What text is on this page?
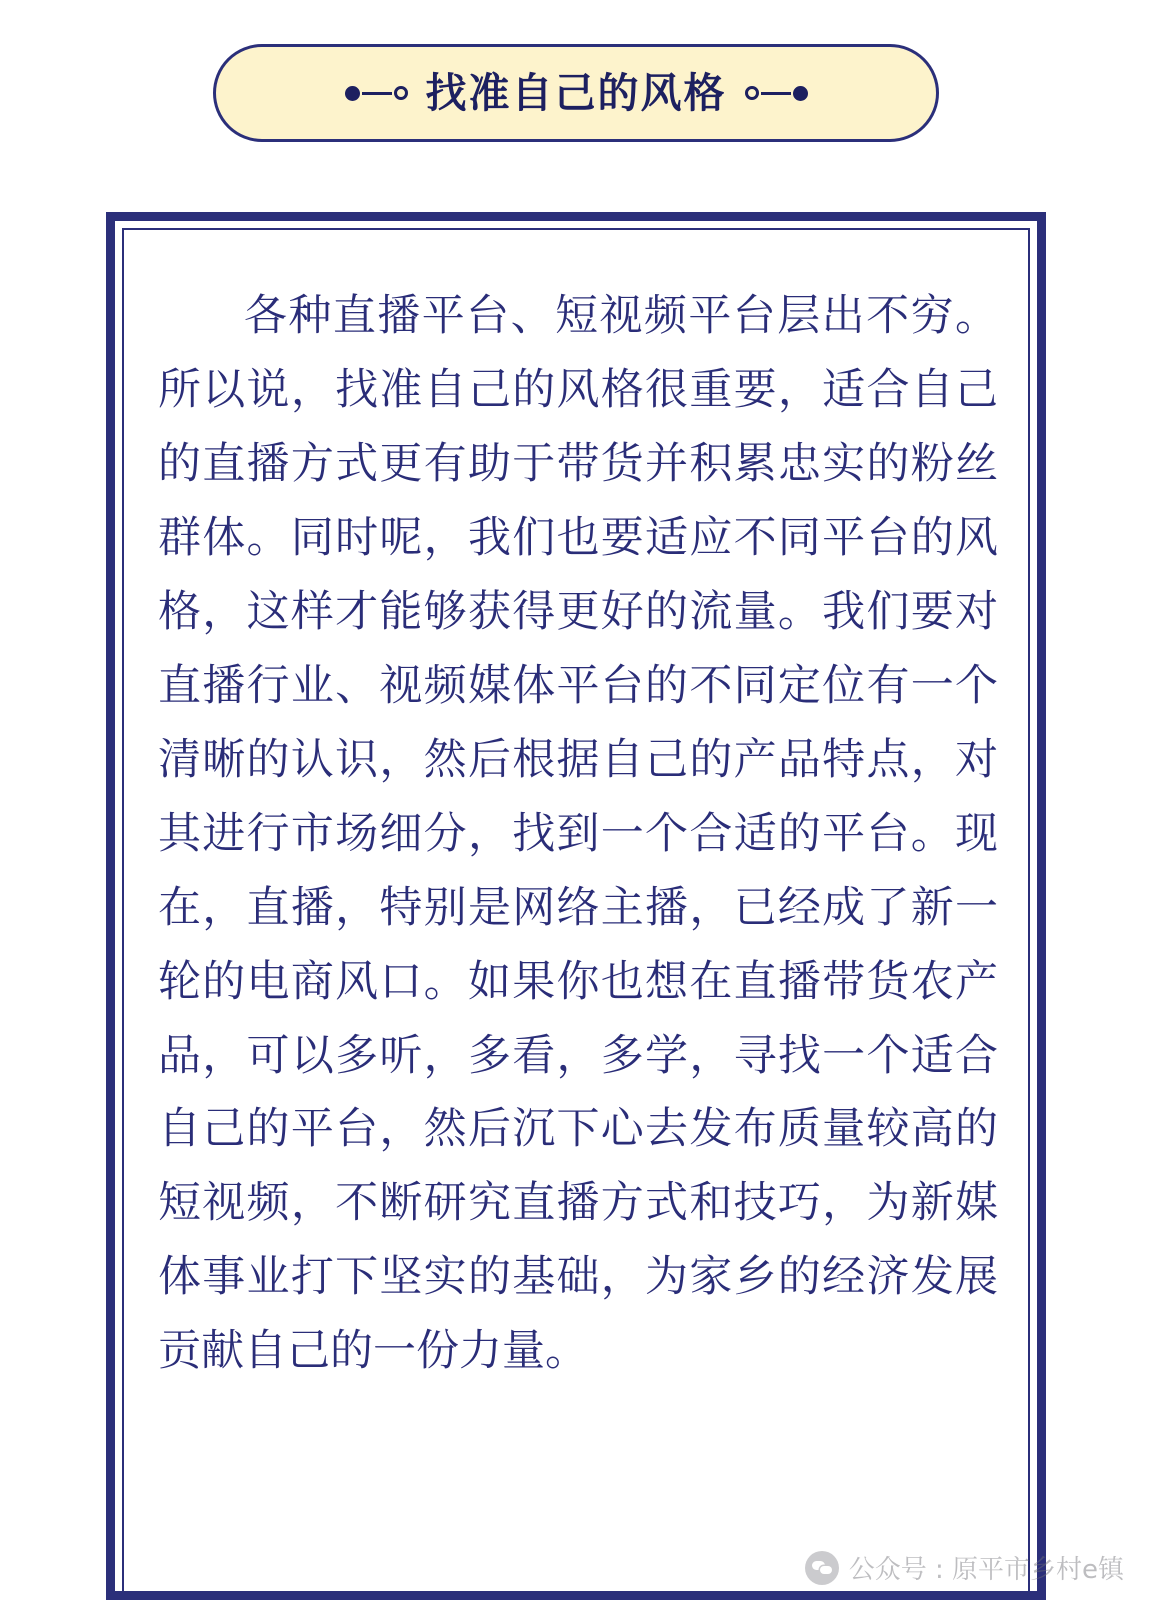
找准自己的风格
各种直播平台、短视频平台层出不穷。所以说，找准自己的风格很重要，适合自己的直播方式更有助于带货并积累忠实的粉丝群体。同时呢，我们也要适应不同平台的风格，这样才能够获得更好的流量。我们要对直播行业、视频媒体平台的不同定位有一个清晰的认识，然后根据自己的产品特点，对其进行市场细分，找到一个合适的平台。现在，直播，特别是网络主播，已经成了新一轮的电商风口。如果你也想在直播带货农产品，可以多听，多看，多学，寻找一个适合自己的平台，然后沉下心去发布质量较高的短视频，不断研究直播方式和技巧，为新媒体事业打下坚实的基础，为家乡的经济发展贡献自己的一份力量。
公众号 : 原平市乡村e镇
